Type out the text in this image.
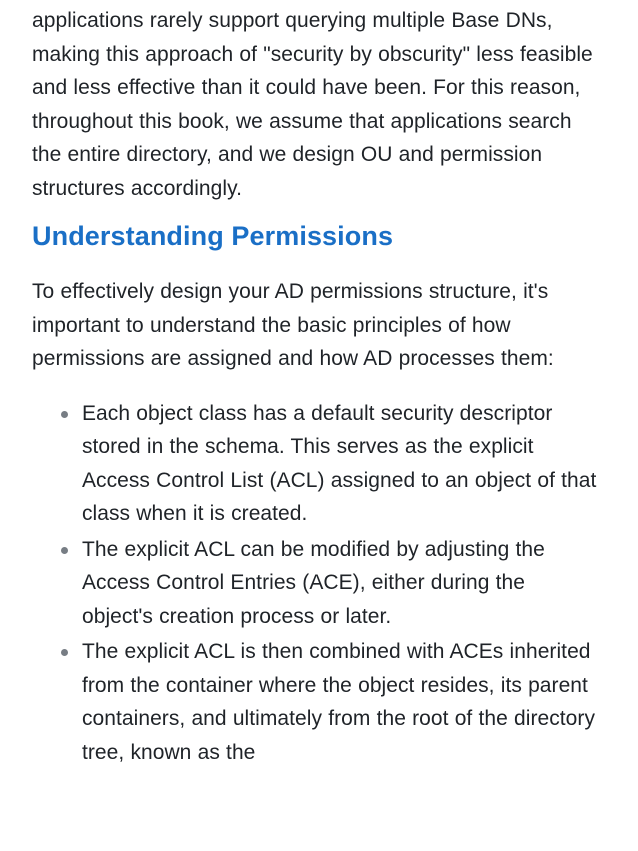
applications rarely support querying multiple Base DNs, making this approach of "security by obscurity" less feasible and less effective than it could have been. For this reason, throughout this book, we assume that applications search the entire directory, and we design OU and permission structures accordingly.

Understanding Permissions

To effectively design your AD permissions structure, it's important to understand the basic principles of how permissions are assigned and how AD processes them:

Each object class has a default security descriptor stored in the schema. This serves as the explicit Access Control List (ACL) assigned to an object of that class when it is created.
The explicit ACL can be modified by adjusting the Access Control Entries (ACE), either during the object's creation process or later.
The explicit ACL is then combined with ACEs inherited from the container where the object resides, its parent containers, and ultimately from the root of the directory tree, known as the
